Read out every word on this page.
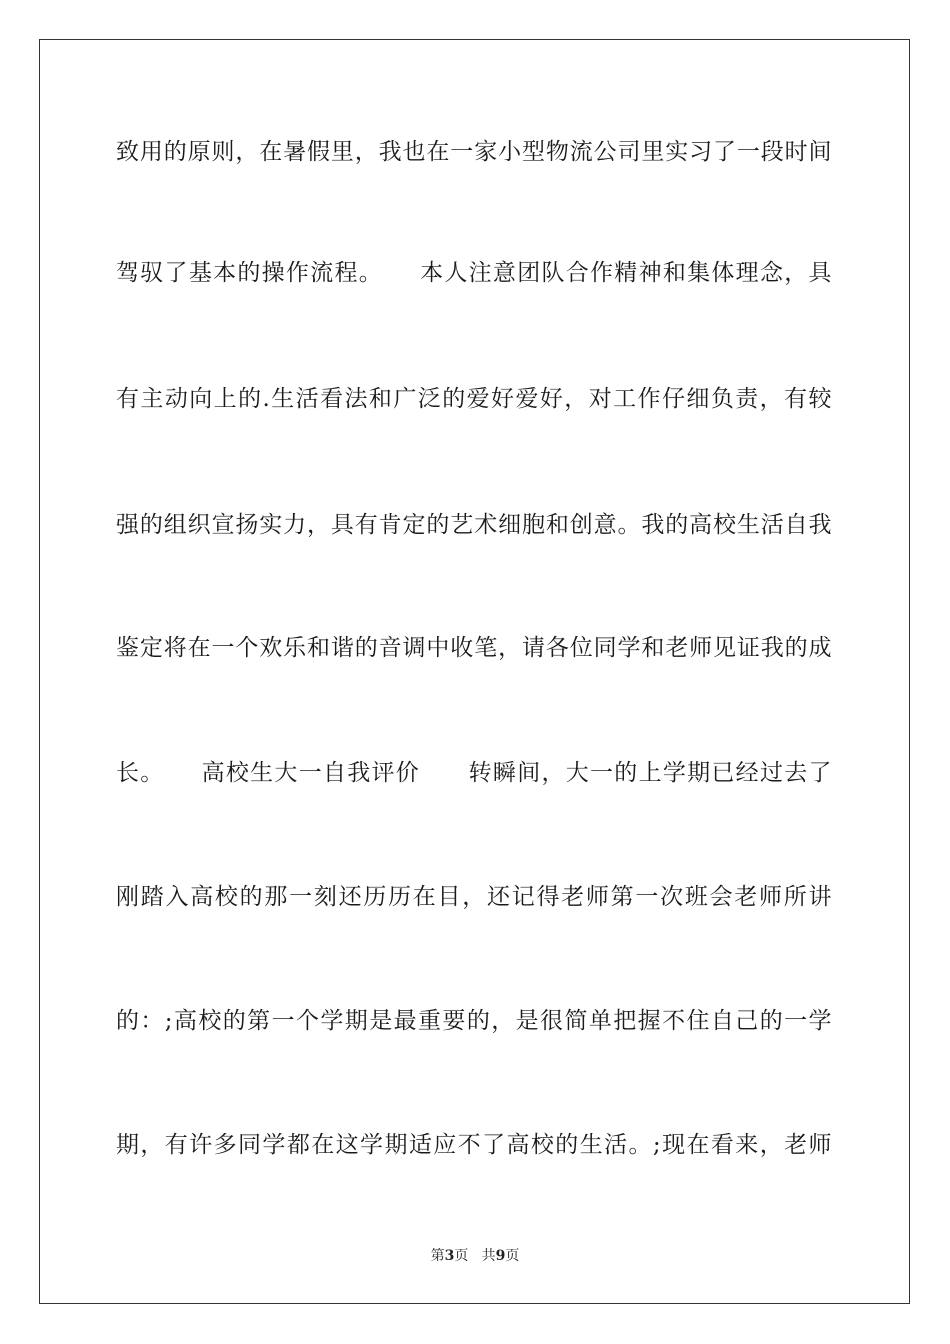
致用的原则，在暑假里，我也在一家小型物流公司里实习了一段时间
驾驭了基本的操作流程。　　本人注意团队合作精神和集体理念，具
有主动向上的.生活看法和广泛的爱好爱好，对工作仔细负责，有较
强的组织宣扬实力，具有肯定的艺术细胞和创意。我的高校生活自我
鉴定将在一个欢乐和谐的音调中收笔，请各位同学和老师见证我的成
长。　　高校生大一自我评价　　转瞬间，大一的上学期已经过去了
刚踏入高校的那一刻还历历在目，还记得老师第一次班会老师所讲
的：;高校的第一个学期是最重要的，是很简单把握不住自己的一学
期，有许多同学都在这学期适应不了高校的生活。;现在看来，老师
第3页 共9页
